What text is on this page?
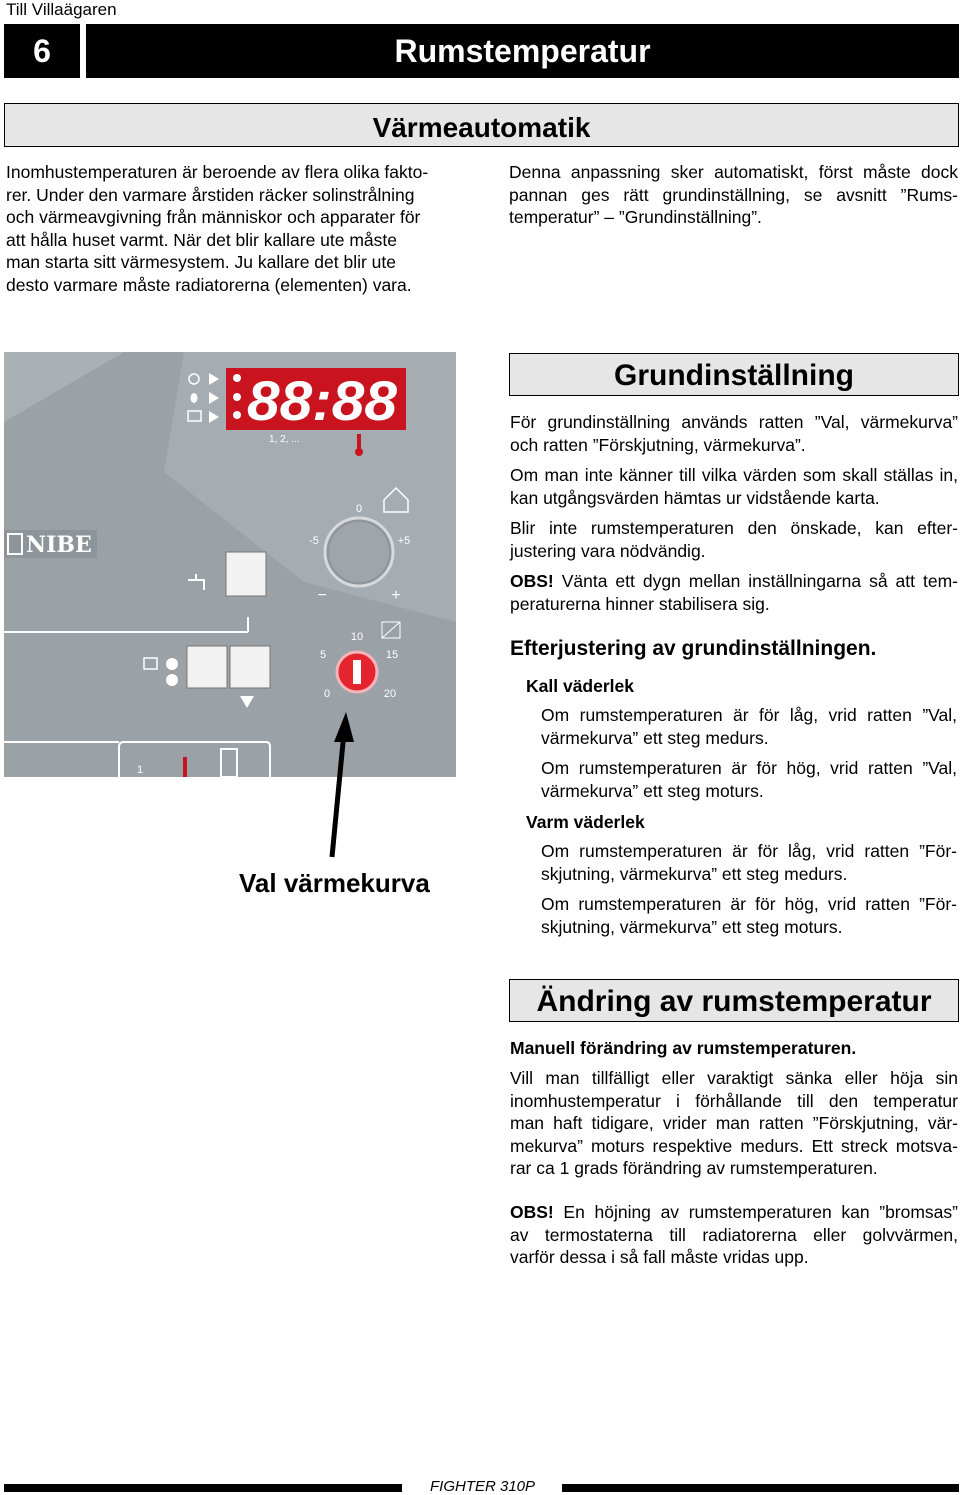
Till Villaägaren
6	Rumstemperatur
Värmeautomatik
Inomhustemperaturen är beroende av flera olika fakto-
rer. Under den varmare årstiden räcker solinstrålning
och värmeavgivning från människor och apparater för
att hålla huset varmt. När det blir kallare ute måste
man starta sitt värmesystem. Ju kallare det blir ute
desto varmare måste radiatorerna (elementen) vara.
Denna anpassning sker automatiskt, först måste dock
pannan ges rätt grundinställning, se avsnitt ”Rums-
temperatur” – ”Grundinställning”.
88:88
1, 2, ...
NIBE
0
-5	+5
−	+
10
5	15
0	20
1
Val värmekurva
Grundinställning
För grundinställning används ratten ”Val, värmekurva”
och ratten ”Förskjutning, värmekurva”.
Om man inte känner till vilka värden som skall ställas in,
kan utgångsvärden hämtas ur vidstående karta.
Blir inte rumstemperaturen den önskade, kan efter-
justering vara nödvändig.
OBS! Vänta ett dygn mellan inställningarna så att tem-
peraturerna hinner stabilisera sig.
Efterjustering av grundinställningen.
Kall väderlek
Om rumstemperaturen är för låg, vrid ratten ”Val,
värmekurva” ett steg medurs.
Om rumstemperaturen är för hög, vrid ratten ”Val,
värmekurva” ett steg moturs.
Varm väderlek
Om rumstemperaturen är för låg, vrid ratten ”För-
skjutning, värmekurva” ett steg medurs.
Om rumstemperaturen är för hög, vrid ratten ”För-
skjutning, värmekurva” ett steg moturs.
Ändring av rumstemperatur
Manuell förändring av rumstemperaturen.
Vill man tillfälligt eller varaktigt sänka eller höja sin
inomhustemperatur i förhållande till den temperatur
man haft tidigare, vrider man ratten ”Förskjutning, vär-
mekurva” moturs respektive medurs. Ett streck motsva-
rar ca 1 grads förändring av rumstemperaturen.
OBS! En höjning av rumstemperaturen kan ”bromsas”
av termostaterna till radiatorerna eller golvvärmen,
varför dessa i så fall måste vridas upp.
FIGHTER 310P
